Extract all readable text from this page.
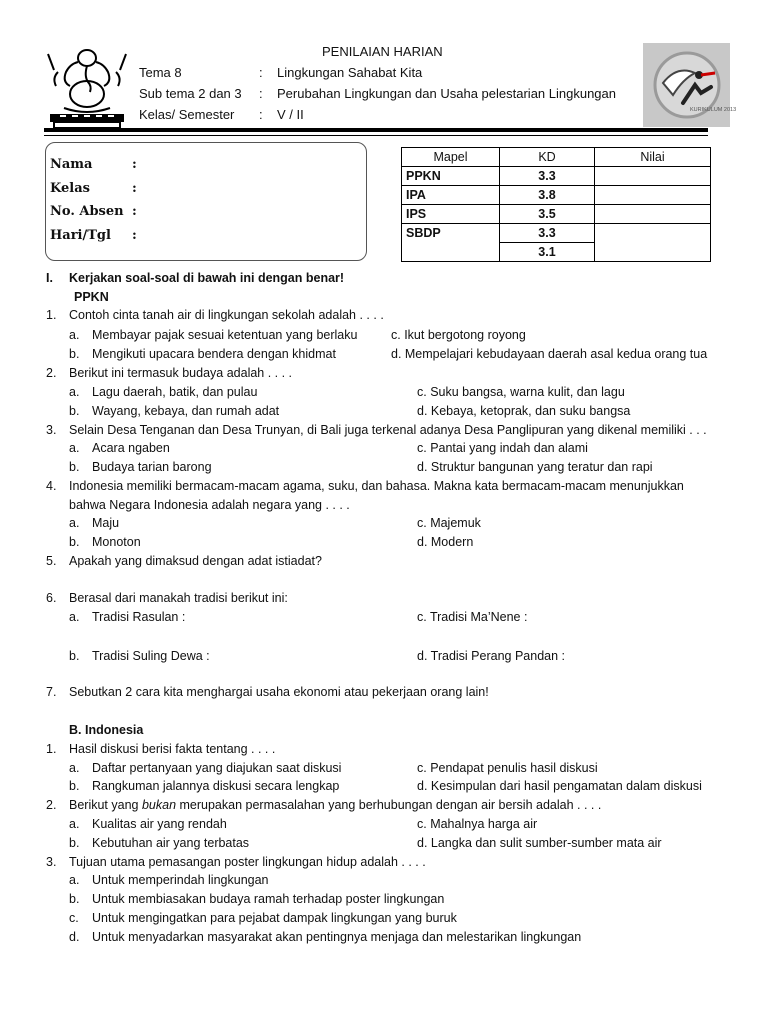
PENILAIAN HARIAN
Tema 8	: Lingkungan Sahabat Kita
Sub tema 2 dan 3 : Perubahan Lingkungan dan Usaha pelestarian Lingkungan
Kelas/ Semester : V / II	KURIKULUM 2013
Nama	:
Kelas	:
No. Absen :
Hari/Tgl :
Mapel	KD	Nilai
PPKN	3.3	
IPA	3.8	
IPS	3.5	
SBDP	3.3	
	3.1	
I. Kerjakan soal-soal di bawah ini dengan benar!
PPKN
1. Contoh cinta tanah air di lingkungan sekolah adalah . . . .
a. Membayar pajak sesuai ketentuan yang berlaku	c. Ikut bergotong royong
b. Mengikuti upacara bendera dengan khidmat	d. Mempelajari kebudayaan daerah asal kedua orang tua
2. Berikut ini termasuk budaya adalah . . . .
a. Lagu daerah, batik, dan pulau	c. Suku bangsa, warna kulit, dan lagu
b. Wayang, kebaya, dan rumah adat	d. Kebaya, ketoprak, dan suku bangsa
3. Selain Desa Tenganan dan Desa Trunyan, di Bali juga terkenal adanya Desa Panglipuran yang dikenal memiliki . . .
a. Acara ngaben	c. Pantai yang indah dan alami
b. Budaya tarian barong	d. Struktur bangunan yang teratur dan rapi
4. Indonesia memiliki bermacam-macam agama, suku, dan bahasa. Makna kata bermacam-macam menunjukkan
bahwa Negara Indonesia adalah negara yang . . . .
a. Maju	c. Majemuk
b. Monoton	d. Modern
5. Apakah yang dimaksud dengan adat istiadat?
6. Berasal dari manakah tradisi berikut ini:
a. Tradisi Rasulan :	c. Tradisi Ma’Nene :
b. Tradisi Suling Dewa :	d. Tradisi Perang Pandan :
7. Sebutkan 2 cara kita menghargai usaha ekonomi atau pekerjaan orang lain!
B. Indonesia
1. Hasil diskusi berisi fakta tentang . . . .
a. Daftar pertanyaan yang diajukan saat diskusi	c. Pendapat penulis hasil diskusi
b. Rangkuman jalannya diskusi secara lengkap	d. Kesimpulan dari hasil pengamatan dalam diskusi
2. Berikut yang bukan merupakan permasalahan yang berhubungan dengan air bersih adalah . . . .
a. Kualitas air yang rendah	c. Mahalnya harga air
b. Kebutuhan air yang terbatas	d. Langka dan sulit sumber-sumber mata air
3. Tujuan utama pemasangan poster lingkungan hidup adalah . . . .
a. Untuk memperindah lingkungan
b. Untuk membiasakan budaya ramah terhadap poster lingkungan
c. Untuk mengingatkan para pejabat dampak lingkungan yang buruk
d. Untuk menyadarkan masyarakat akan pentingnya menjaga dan melestarikan lingkungan
